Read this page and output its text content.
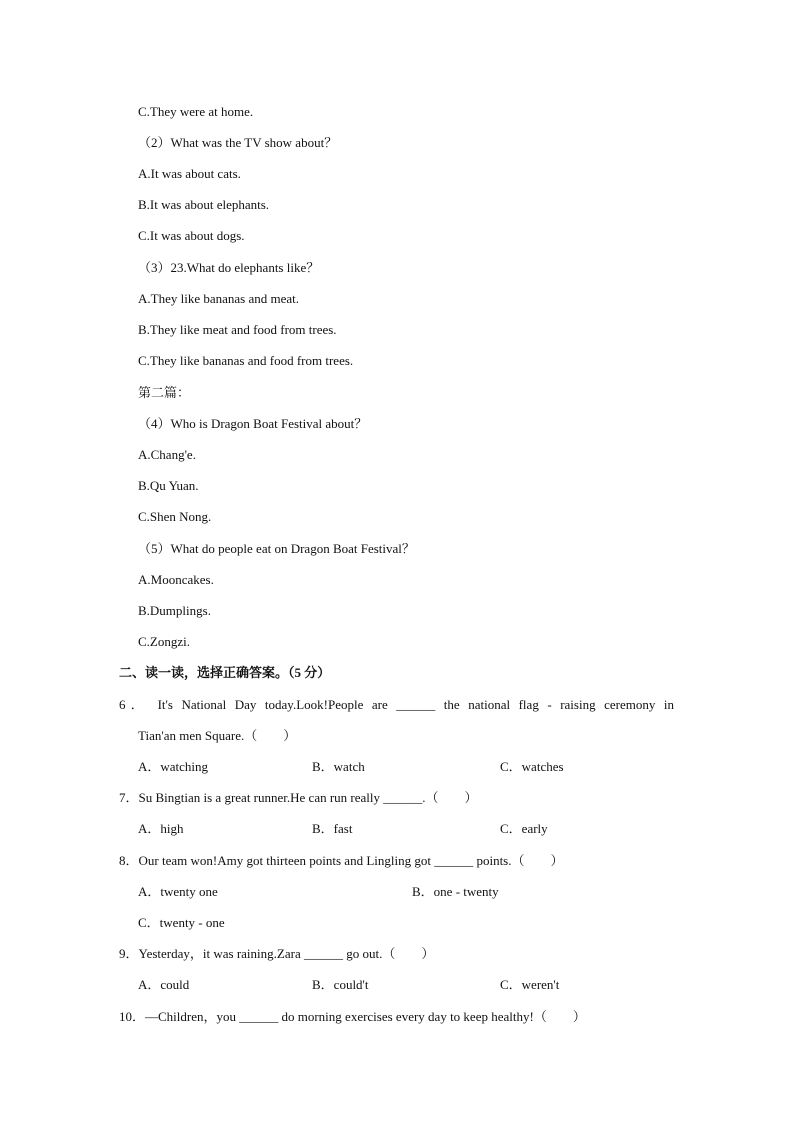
C.They were at home.
（2）What was the TV show about？
A.It was about cats.
B.It was about elephants.
C.It was about dogs.
（3）23.What do elephants like？
A.They like bananas and meat.
B.They like meat and food from trees.
C.They like bananas and food from trees.
第二篇：
（4）Who is Dragon Boat Festival about？
A.Chang'e.
B.Qu Yuan.
C.Shen Nong.
（5）What do people eat on Dragon Boat Festival？
A.Mooncakes.
B.Dumplings.
C.Zongzi.
二、读一读，选择正确答案。（5 分）
6． It's National Day today.Look!People are ______ the national flag - raising ceremony in
Tian'an men Square.（　　）
A．watching	B．watch	C．watches
7．Su Bingtian is a great runner.He can run really ______.（　　）
A．high	B．fast	C．early
8．Our team won!Amy got thirteen points and Lingling got ______ points.（　　）
A．twenty one	B．one - twenty
C．twenty - one
9．Yesterday，it was raining.Zara ______ go out.（　　）
A．could	B．could't	C．weren't
10．—Children，you ______ do morning exercises every day to keep healthy!（　　）
